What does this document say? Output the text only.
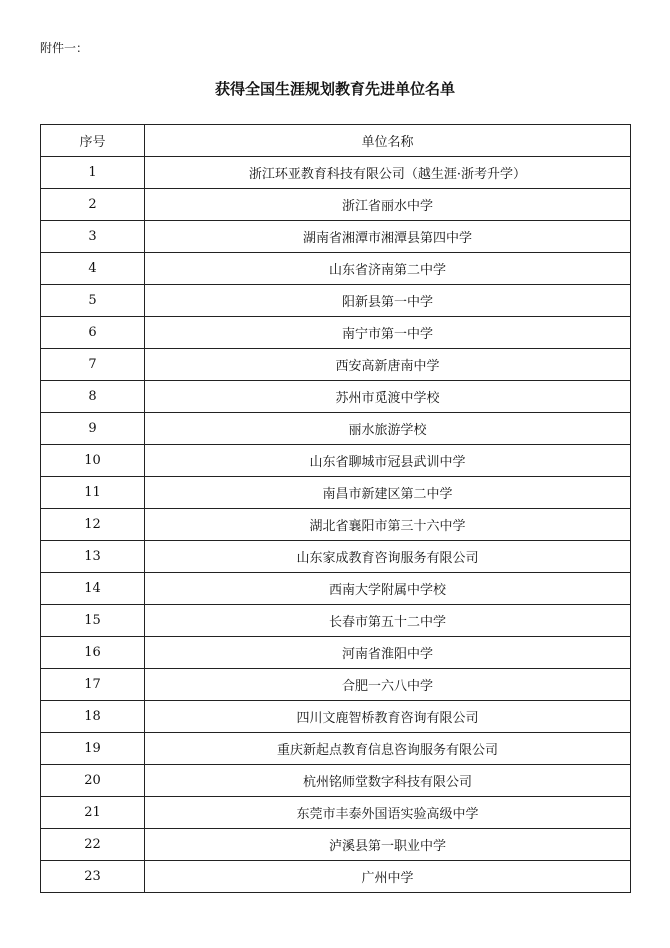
附件一：
获得全国生涯规划教育先进单位名单
序号	单位名称
1	浙江环亚教育科技有限公司（越生涯·浙考升学）
2	浙江省丽水中学
3	湖南省湘潭市湘潭县第四中学
4	山东省济南第二中学
5	阳新县第一中学
6	南宁市第一中学
7	西安高新唐南中学
8	苏州市觅渡中学校
9	丽水旅游学校
10	山东省聊城市冠县武训中学
11	南昌市新建区第二中学
12	湖北省襄阳市第三十六中学
13	山东家成教育咨询服务有限公司
14	西南大学附属中学校
15	长春市第五十二中学
16	河南省淮阳中学
17	合肥一六八中学
18	四川文鹿智桥教育咨询有限公司
19	重庆新起点教育信息咨询服务有限公司
20	杭州铭师堂数字科技有限公司
21	东莞市丰泰外国语实验高级中学
22	泸溪县第一职业中学
23	广州中学
